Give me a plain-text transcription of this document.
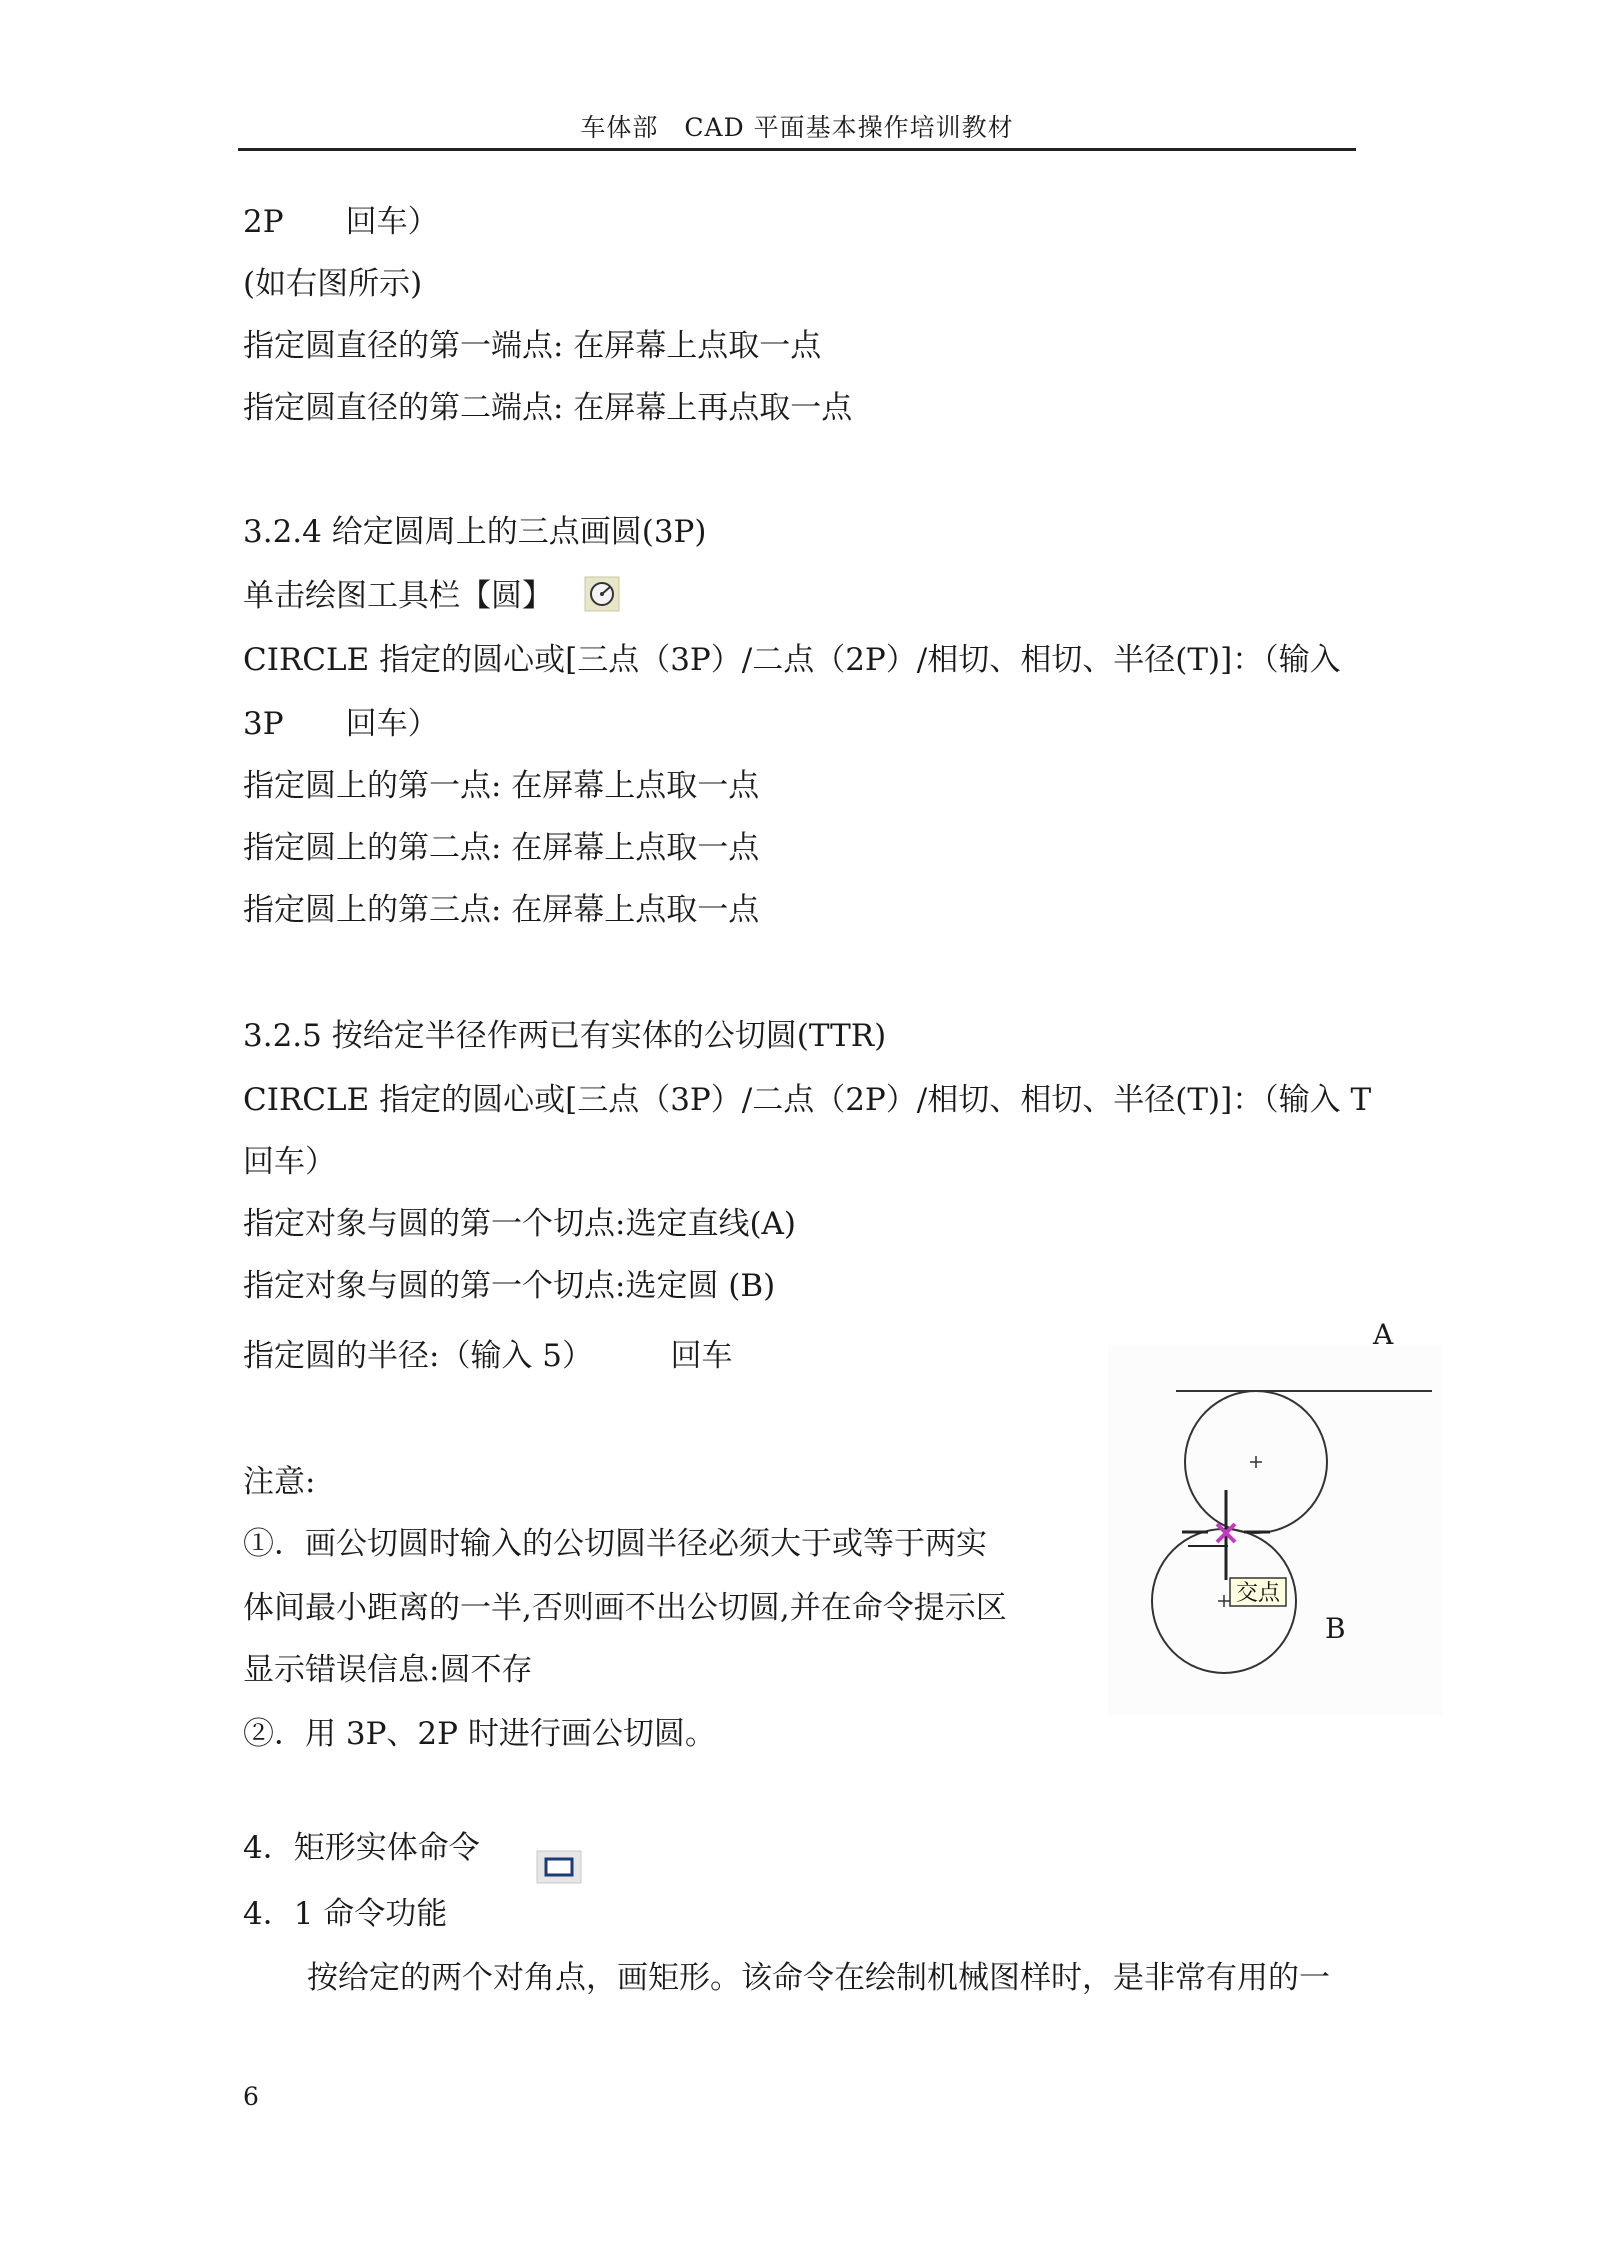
车体部　CAD 平面基本操作培训教材
2P　　回车）
(如右图所示)
指定圆直径的第一端点: 在屏幕上点取一点
指定圆直径的第二端点: 在屏幕上再点取一点
3.2.4 给定圆周上的三点画圆(3P)
单击绘图工具栏【圆】
CIRCLE 指定的圆心或[三点（3P）/二点（2P）/相切、相切、半径(T)]：（输入
3P　　回车）
指定圆上的第一点: 在屏幕上点取一点
指定圆上的第二点: 在屏幕上点取一点
指定圆上的第三点: 在屏幕上点取一点
3.2.5 按给定半径作两已有实体的公切圆(TTR)
CIRCLE 指定的圆心或[三点（3P）/二点（2P）/相切、相切、半径(T)]：（输入 T
回车）
指定对象与圆的第一个切点:选定直线(A)
指定对象与圆的第一个切点:选定圆 (B)
指定圆的半径:（输入 5）　　　回车
注意:
①．画公切圆时输入的公切圆半径必须大于或等于两实
体间最小距离的一半,否则画不出公切圆,并在命令提示区
显示错误信息:圆不存
②．用 3P、2P 时进行画公切圆。
4．矩形实体命令
4．1 命令功能
按给定的两个对角点，画矩形。该命令在绘制机械图样时，是非常有用的一
交点
A
B
6
